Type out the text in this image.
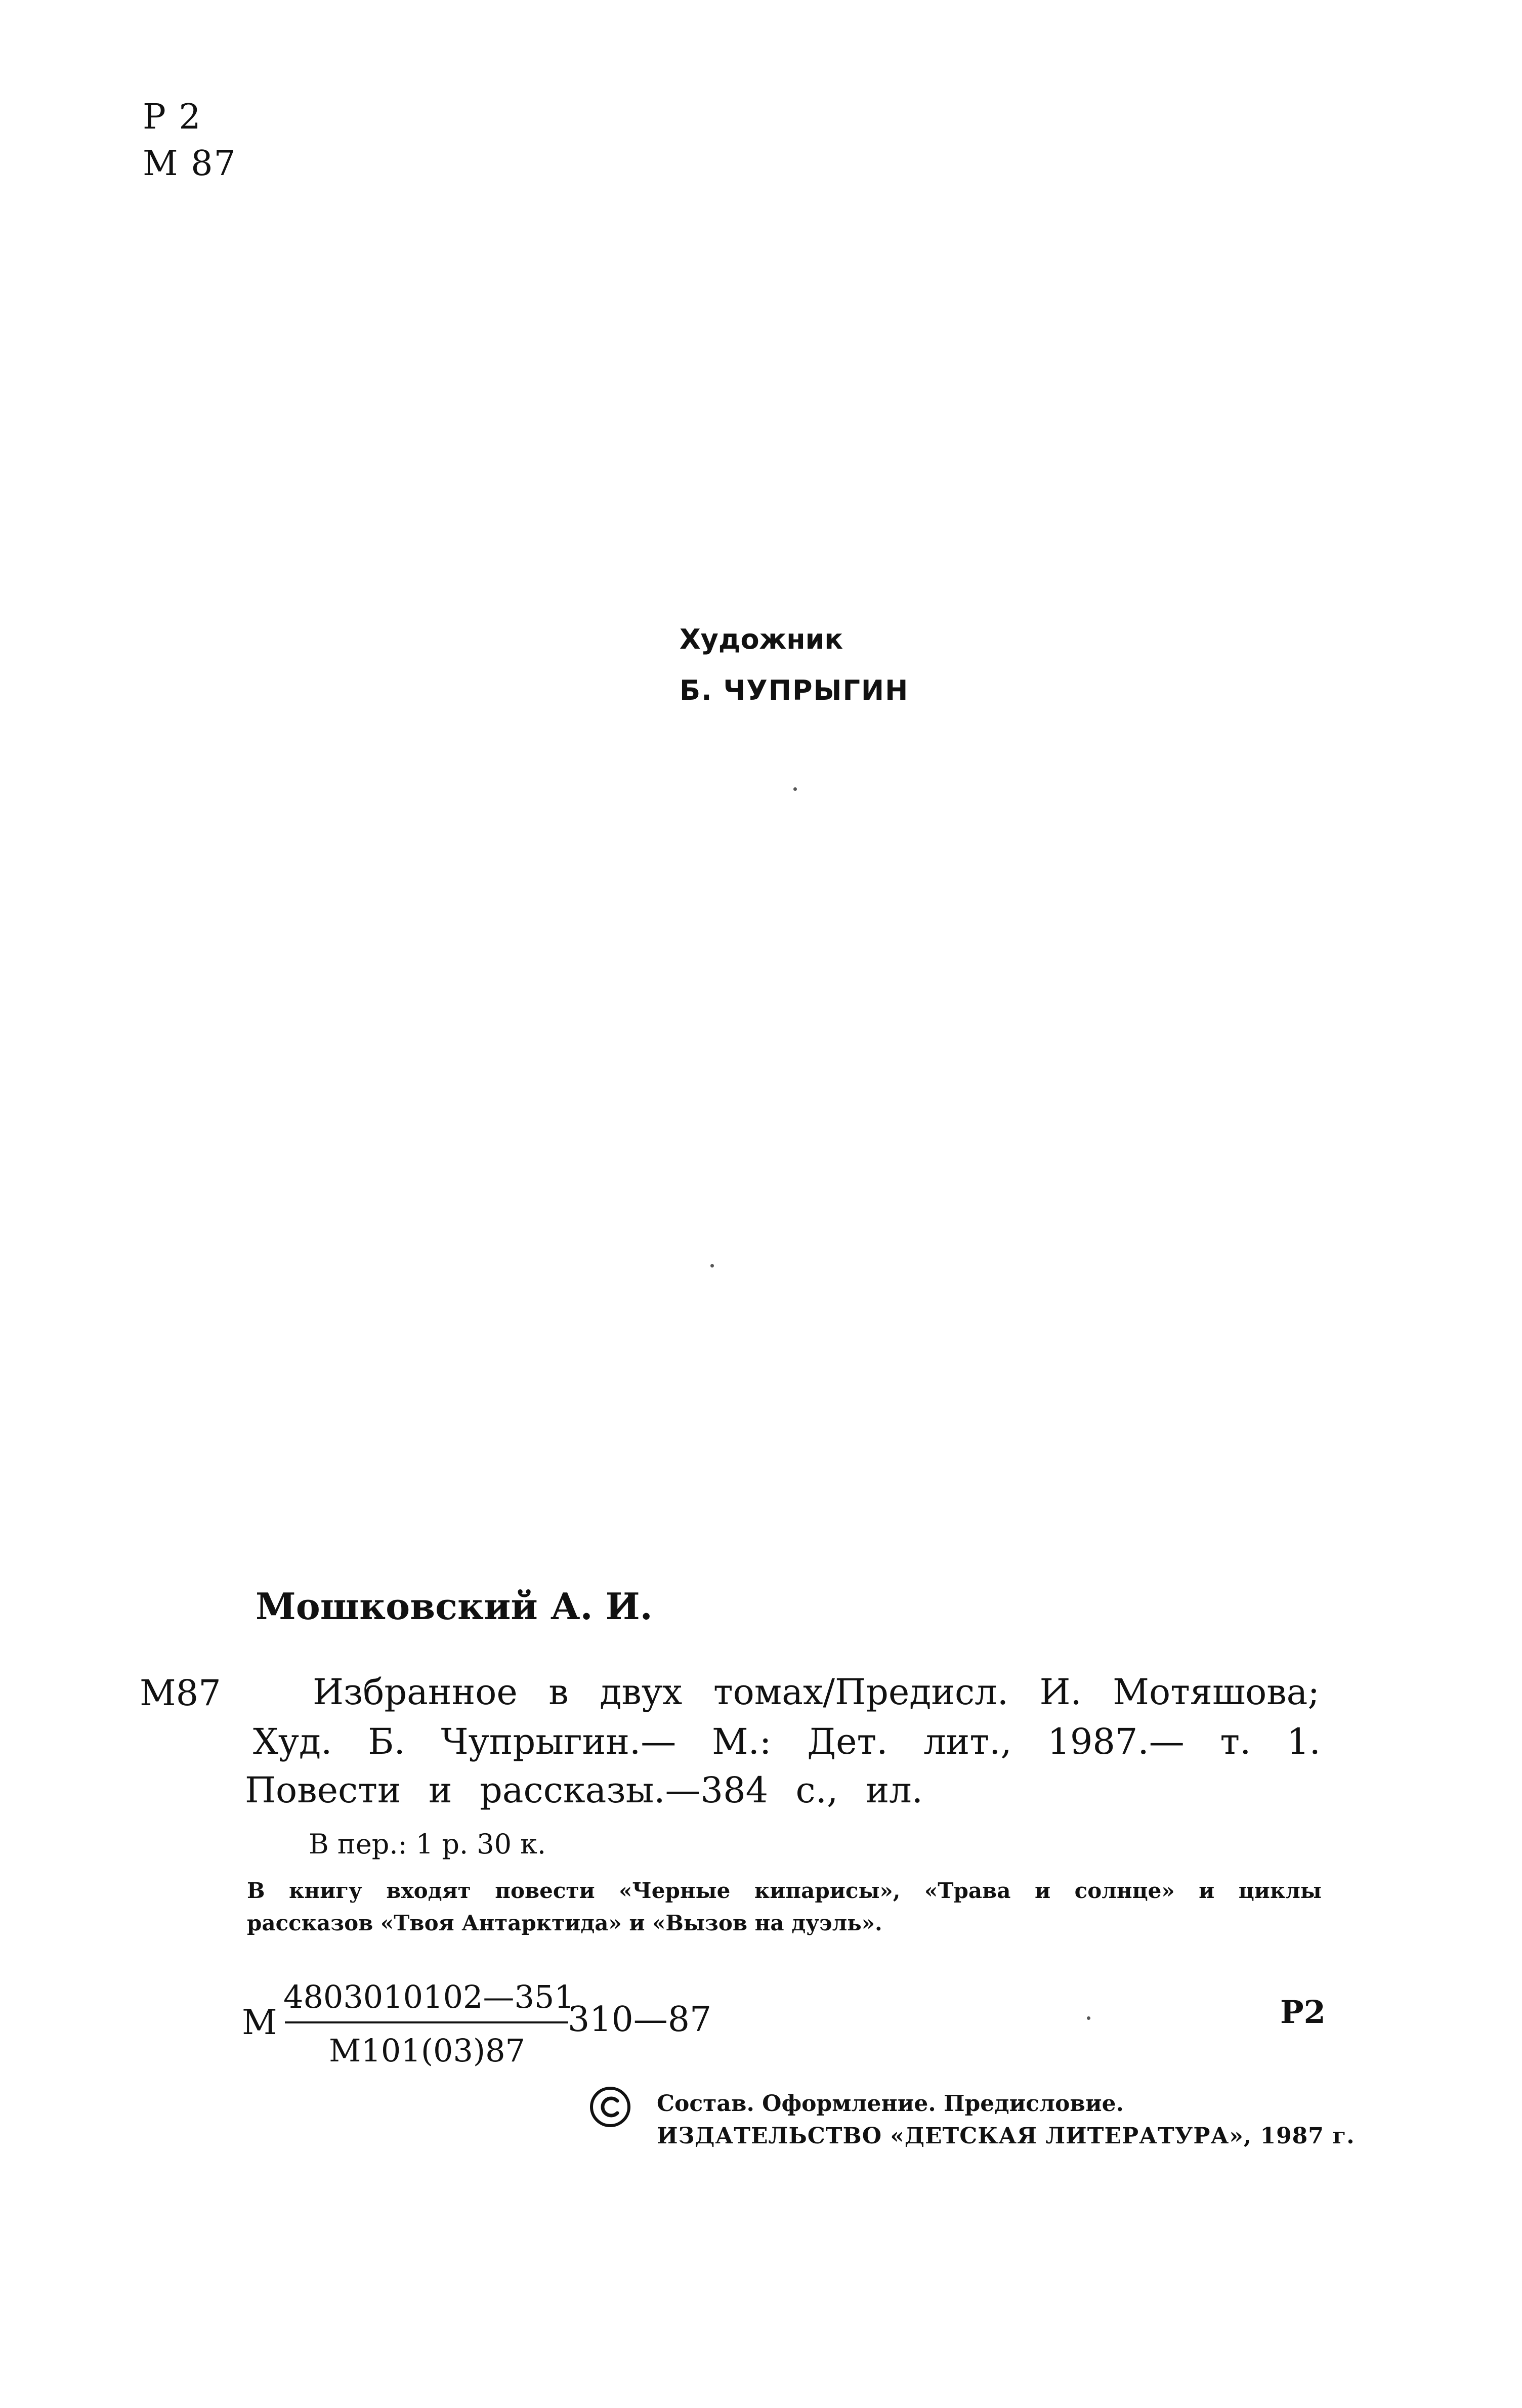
Р 2
М 87
Художник
Б. ЧУПРЫГИН
Мошковский А. И.
М87	Избранное в двух томах/Предисл. И. Мотяшова;
Худ. Б. Чупрыгин.— М.: Дет. лит., 1987.— т. 1.
Повести и рассказы.—384 с., ил.
В пер.: 1 р. 30 к.
В книгу входят повести «Черные кипарисы», «Трава и солнце» и циклы
рассказов «Твоя Антарктида» и «Вызов на дуэль».
М
4803010102—351
М101(03)87
310—87	Р2
Состав. Оформление. Предисловие.
ИЗДАТЕЛЬСТВО «ДЕТСКАЯ ЛИТЕРАТУРА», 1987 г.
